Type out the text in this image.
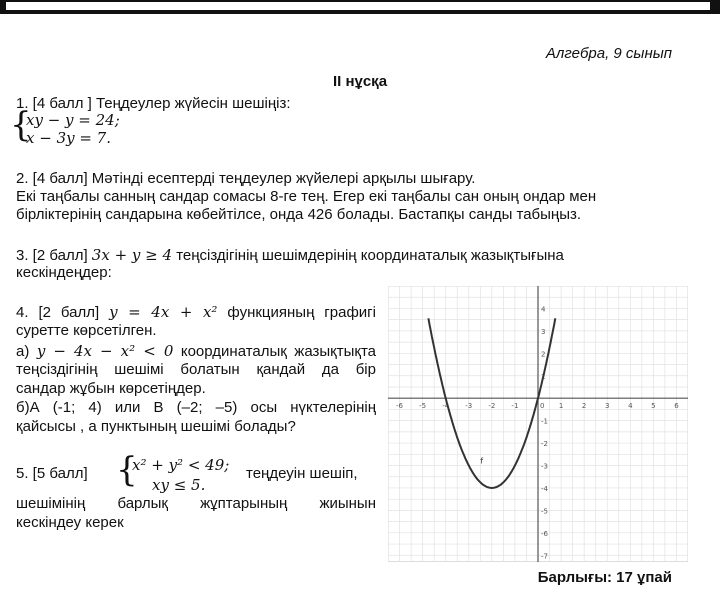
Алгебра, 9 сынып
II нұсқа
1. [4 балл ] Теңдеулер жүйесін шешіңіз:
{
xy − y = 24;
x − 3y = 7.
2. [4 балл] Мәтінді есептерді теңдеулер жүйелері арқылы шығару.
Екі таңбалы санның сандар сомасы 8-ге тең. Егер екі таңбалы сан оның ондар мен
бірліктерінің сандарына көбейтілсе, онда 426 болады. Бастапқы санды табыңыз.
3. [2 балл] 3x + y ≥ 4 теңсіздігінің шешімдерінің координаталық жазықтығына
кескіндеңдер:
4. [2 балл] y = 4x + x² функцияның графигі
суретте көрсетілген.
а) y − 4x − x² < 0 координаталық жазықтықта
теңсіздігінің шешімі болатын қандай да бір
сандар жұбын көрсетіңдер.
б)А (-1; 4) или В (–2; –5) осы нүктелерінің
қайсысы , а пунктының шешімі болады?
5. [5 балл] {
x² + y² < 49;
xy ≤ 5.
теңдеуін шешіп,
шешімінің барлық жұптарының жиынын
кескіндеу керек
-6 -5 -4 -3 -2 -1	0 1	2	3	4	5	6
4
3
2
1
-1
-2
-3
-4
-5
-6
-7
f
Барлығы: 17 ұпай
